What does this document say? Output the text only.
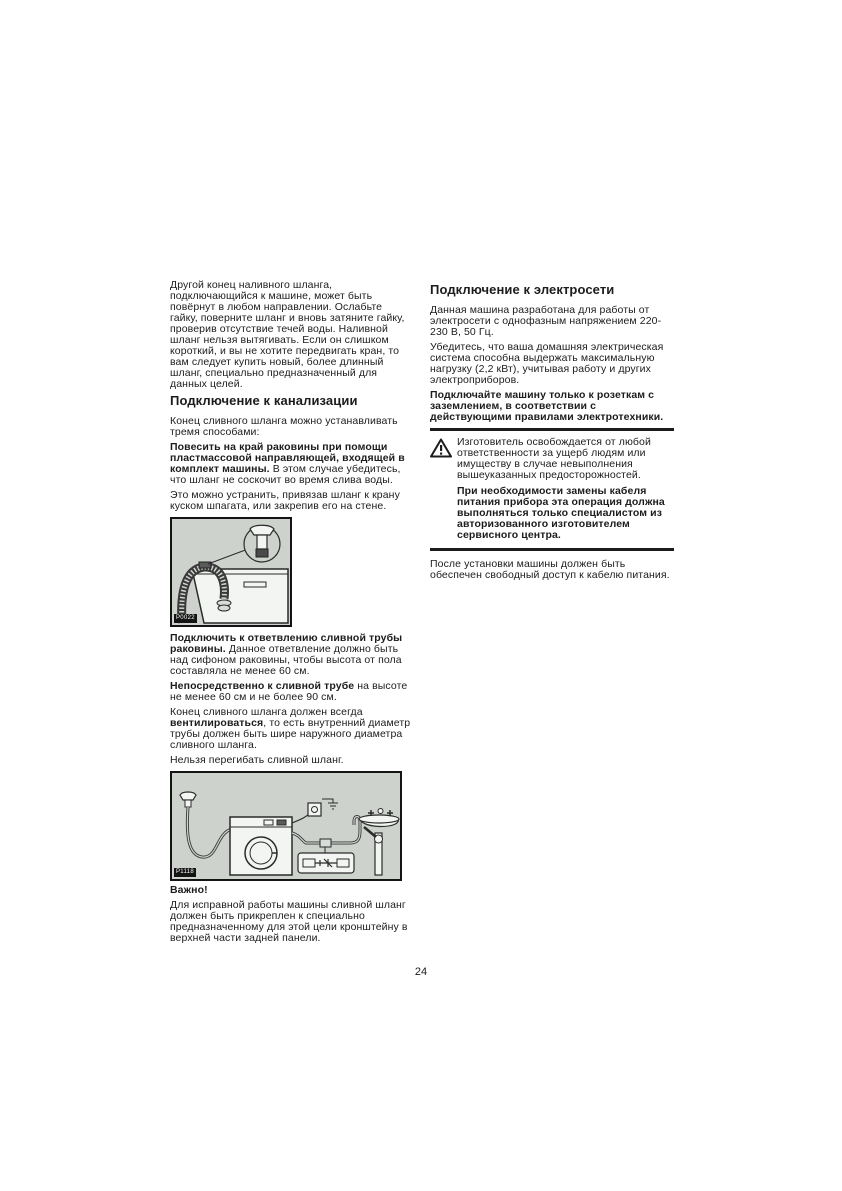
Другой конец наливного шланга, подключающийся к машине, может быть повёрнут в любом направлении. Ослабьте гайку, поверните шланг и вновь затяните гайку, проверив отсутствие течей воды. Наливной шланг нельзя вытягивать. Если он слишком короткий, и вы не хотите передвигать кран, то вам следует купить новый, более длинный шланг, специально предназначенный для данных целей.

Подключение к канализации

Конец сливного шланга можно устанавливать тремя способами:

Повесить на край раковины при помощи пластмассовой направляющей, входящей в комплект машины. В этом случае убедитесь, что шланг не соскочит во время слива воды.

Это можно устранить, привязав шланг к крану куском шпагата, или закрепив его на стене.

P0022

Подключить к ответвлению сливной трубы раковины. Данное ответвление должно быть над сифоном раковины, чтобы высота от пола составляла не менее 60 см.

Непосредственно к сливной трубе на высоте не менее 60 см и не более 90 см.

Конец сливного шланга должен всегда вентилироваться, то есть внутренний диаметр трубы должен быть шире наружного диаметра сливного шланга.

Нельзя перегибать сливной шланг.

P1118

Важно!

Для исправной работы машины сливной шланг должен быть прикреплен к специально предназначенному для этой цели кронштейну в верхней части задней панели.

Подключение к электросети

Данная машина разработана для работы от электросети с однофазным напряжением 220-230 В, 50 Гц.

Убедитесь, что ваша домашняя электрическая система способна выдержать максимальную нагрузку (2,2 кВт), учитывая работу и других электроприборов.

Подключайте машину только к розеткам с заземлением, в соответствии с действующими правилами электротехники.

Изготовитель освобождается от любой ответственности за ущерб людям или имуществу в случае невыполнения вышеуказанных предосторожностей.

При необходимости замены кабеля питания прибора эта операция должна выполняться только специалистом из авторизованного изготовителем сервисного центра.

После установки машины должен быть обеспечен свободный доступ к кабелю питания.

24
